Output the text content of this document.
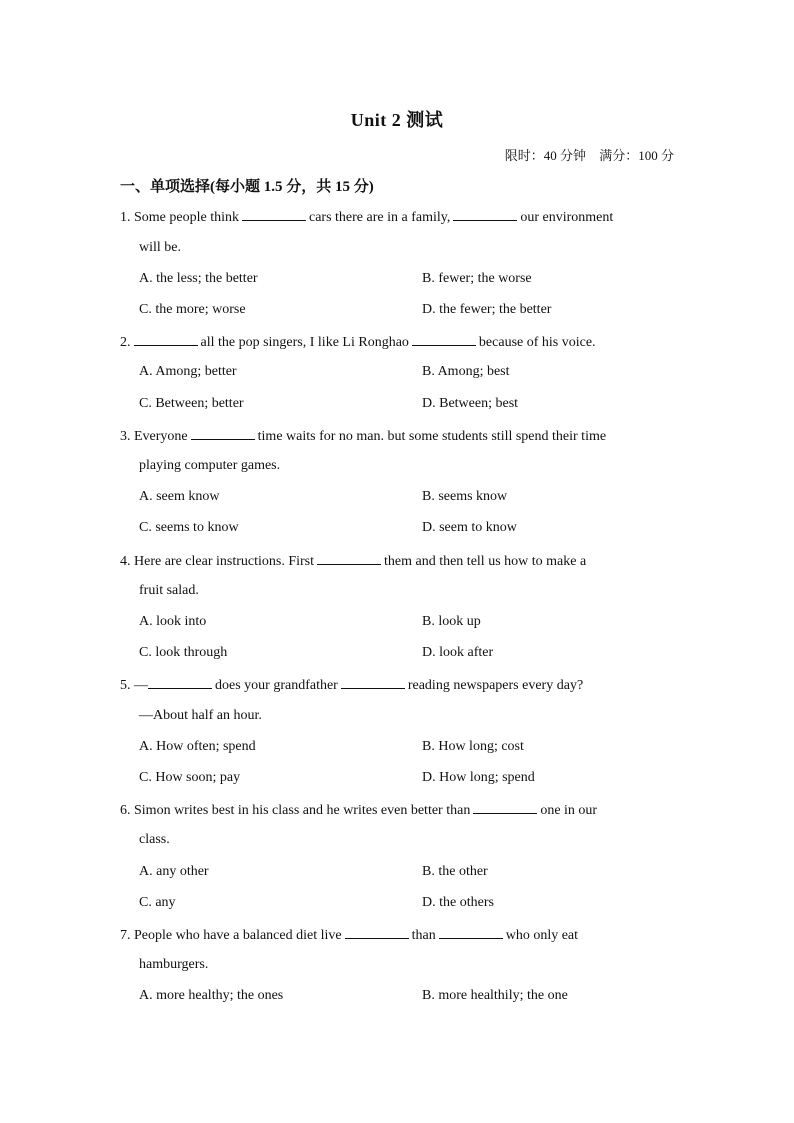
Unit 2 测试
限时：40 分钟 满分：100 分
一、单项选择(每小题 1.5 分，共 15 分)
1. Some people think	cars there are in a family,	our environment
will be.
A. the less; the better	B. fewer; the worse
C. the more; worse	D. the fewer; the better
2.	all the pop singers, I like Li Ronghao	because of his voice.
A. Among; better	B. Among; best
C. Between; better	D. Between; best
3. Everyone	time waits for no man. but some students still spend their time
playing computer games.
A. seem know	B. seems know
C. seems to know	D. seem to know
4. Here are clear instructions. First	them and then tell us how to make a
fruit salad.
A. look into	B. look up
C. look through	D. look after
5. —	does your grandfather	reading newspapers every day?
—About half an hour.
A. How often; spend	B. How long; cost
C. How soon; pay	D. How long; spend
6. Simon writes best in his class and he writes even better than	one in our
class.
A. any other	B. the other
C. any	D. the others
7. People who have a balanced diet live	than	who only eat
hamburgers.
A. more healthy; the ones	B. more healthily; the one
